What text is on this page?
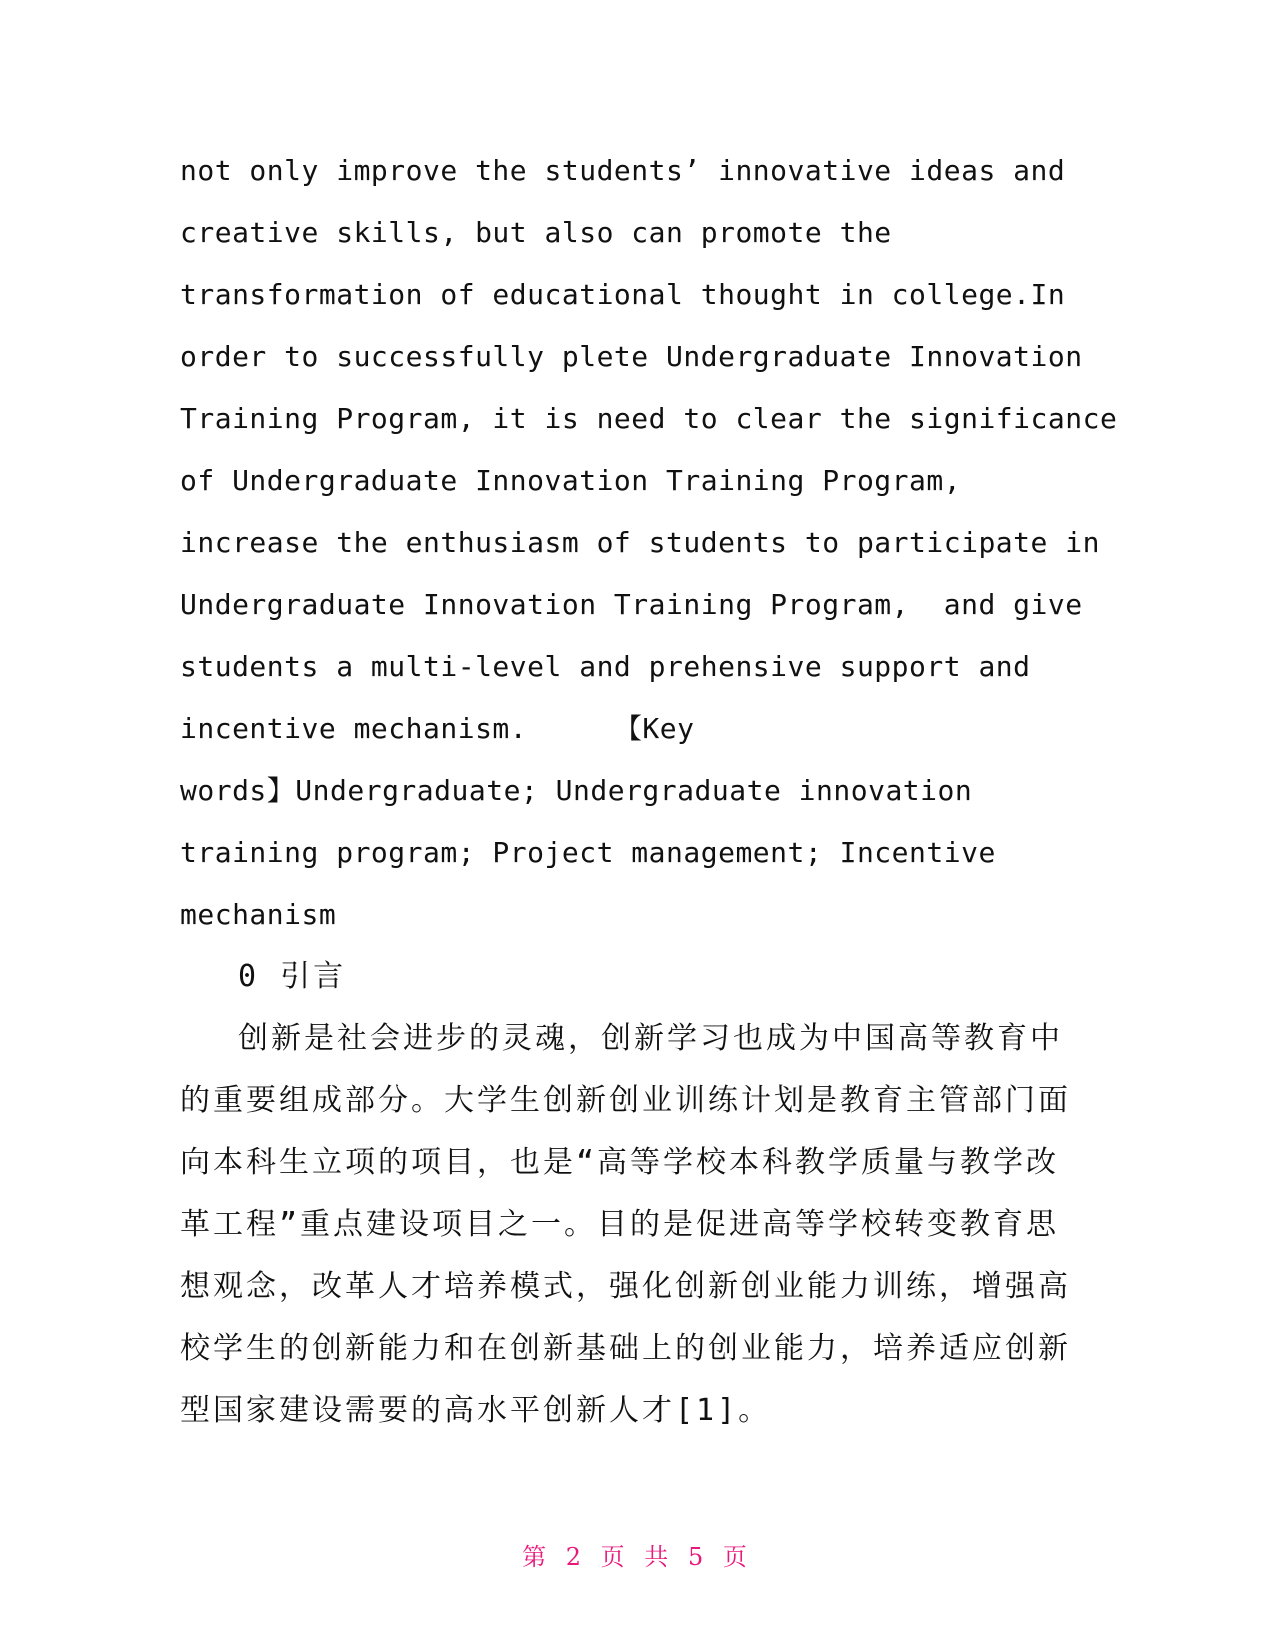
not only improve the students’ innovative ideas and
creative skills, but also can promote the
transformation of educational thought in college.In
order to successfully plete Undergraduate Innovation
Training Program, it is need to clear the significance
of Undergraduate Innovation Training Program,
increase the enthusiasm of students to participate in
Undergraduate Innovation Training Program,  and give
students a multi-level and prehensive support and
incentive mechanism.     【Key
words】Undergraduate; Undergraduate innovation
training program; Project management; Incentive
mechanism
0 引言
创新是社会进步的灵魂，创新学习也成为中国高等教育中
的重要组成部分。大学生创新创业训练计划是教育主管部门面
向本科生立项的项目，也是“高等学校本科教学质量与教学改
革工程”重点建设项目之一。目的是促进高等学校转变教育思
想观念，改革人才培养模式，强化创新创业能力训练，增强高
校学生的创新能力和在创新基础上的创业能力，培养适应创新
型国家建设需要的高水平创新人才[1]。
第 2 页 共 5 页
